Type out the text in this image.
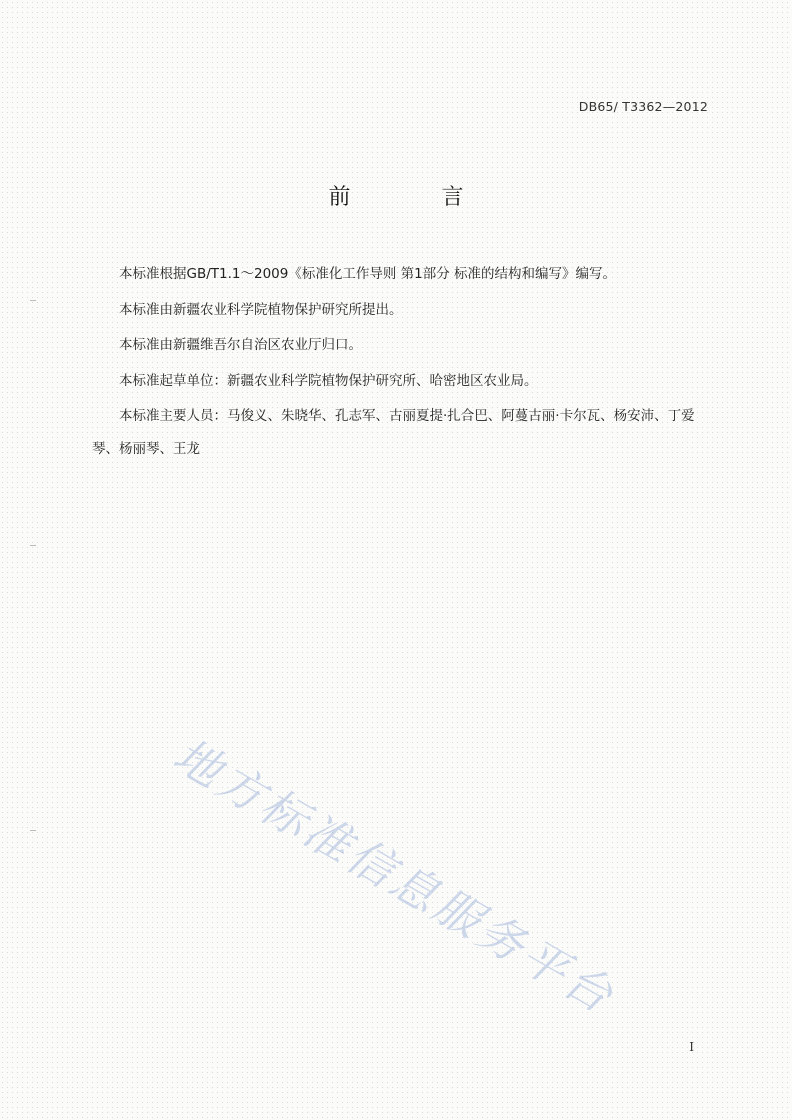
DB65/ T3362—2012
前 言

本标准根据GB/T1.1～2009《标准化工作导则 第1部分 标准的结构和编写》编写。

本标准由新疆农业科学院植物保护研究所提出。

本标准由新疆维吾尔自治区农业厅归口。

本标准起草单位：新疆农业科学院植物保护研究所、哈密地区农业局。

本标准主要人员：马俊义、朱晓华、孔志军、古丽夏提·扎合巴、阿蔓古丽·卡尔瓦、杨安沛、丁爱琴、杨丽琴、王龙

地方标准信息服务平台
I
